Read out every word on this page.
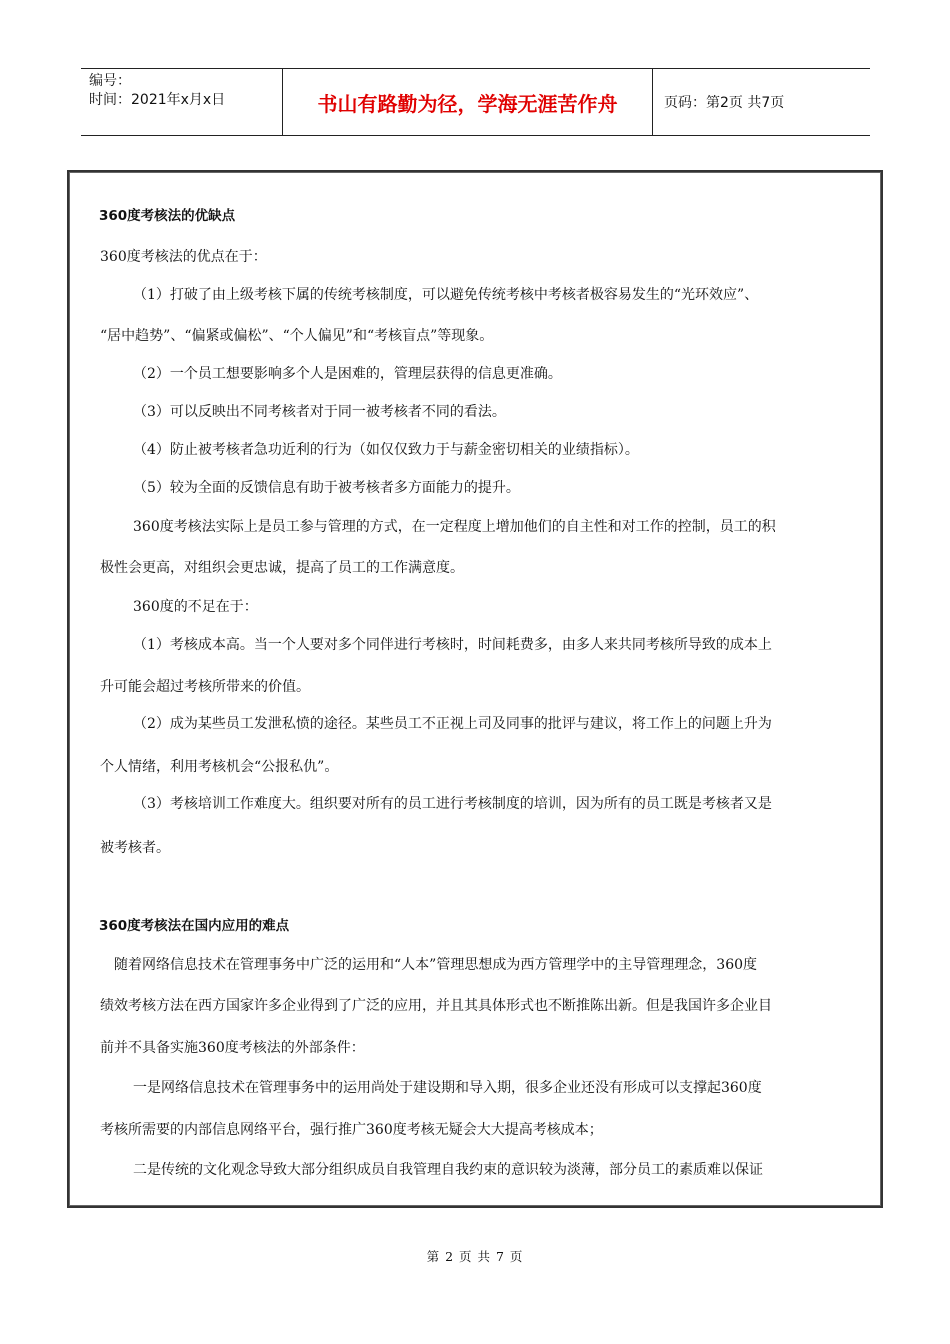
编号：
时间：2021年x月x日	书山有路勤为径，学海无涯苦作舟	页码：第2页 共7页
360度考核法的优缺点
360度考核法的优点在于：
（1）打破了由上级考核下属的传统考核制度，可以避免传统考核中考核者极容易发生的“光环效应”、
“居中趋势”、“偏紧或偏松”、“个人偏见”和“考核盲点”等现象。
（2）一个员工想要影响多个人是困难的，管理层获得的信息更准确。
（3）可以反映出不同考核者对于同一被考核者不同的看法。
（4）防止被考核者急功近利的行为（如仅仅致力于与薪金密切相关的业绩指标）。
（5）较为全面的反馈信息有助于被考核者多方面能力的提升。
360度考核法实际上是员工参与管理的方式，在一定程度上增加他们的自主性和对工作的控制，员工的积
极性会更高，对组织会更忠诚，提高了员工的工作满意度。
360度的不足在于：
（1）考核成本高。当一个人要对多个同伴进行考核时，时间耗费多，由多人来共同考核所导致的成本上
升可能会超过考核所带来的价值。
（2）成为某些员工发泄私愤的途径。某些员工不正视上司及同事的批评与建议，将工作上的问题上升为
个人情绪，利用考核机会“公报私仇”。
（3）考核培训工作难度大。组织要对所有的员工进行考核制度的培训，因为所有的员工既是考核者又是
被考核者。
360度考核法在国内应用的难点
随着网络信息技术在管理事务中广泛的运用和“人本”管理思想成为西方管理学中的主导管理理念，360度
绩效考核方法在西方国家许多企业得到了广泛的应用，并且其具体形式也不断推陈出新。但是我国许多企业目
前并不具备实施360度考核法的外部条件：
一是网络信息技术在管理事务中的运用尚处于建设期和导入期，很多企业还没有形成可以支撑起360度
考核所需要的内部信息网络平台，强行推广360度考核无疑会大大提高考核成本；
二是传统的文化观念导致大部分组织成员自我管理自我约束的意识较为淡薄，部分员工的素质难以保证
第 2 页 共 7 页
